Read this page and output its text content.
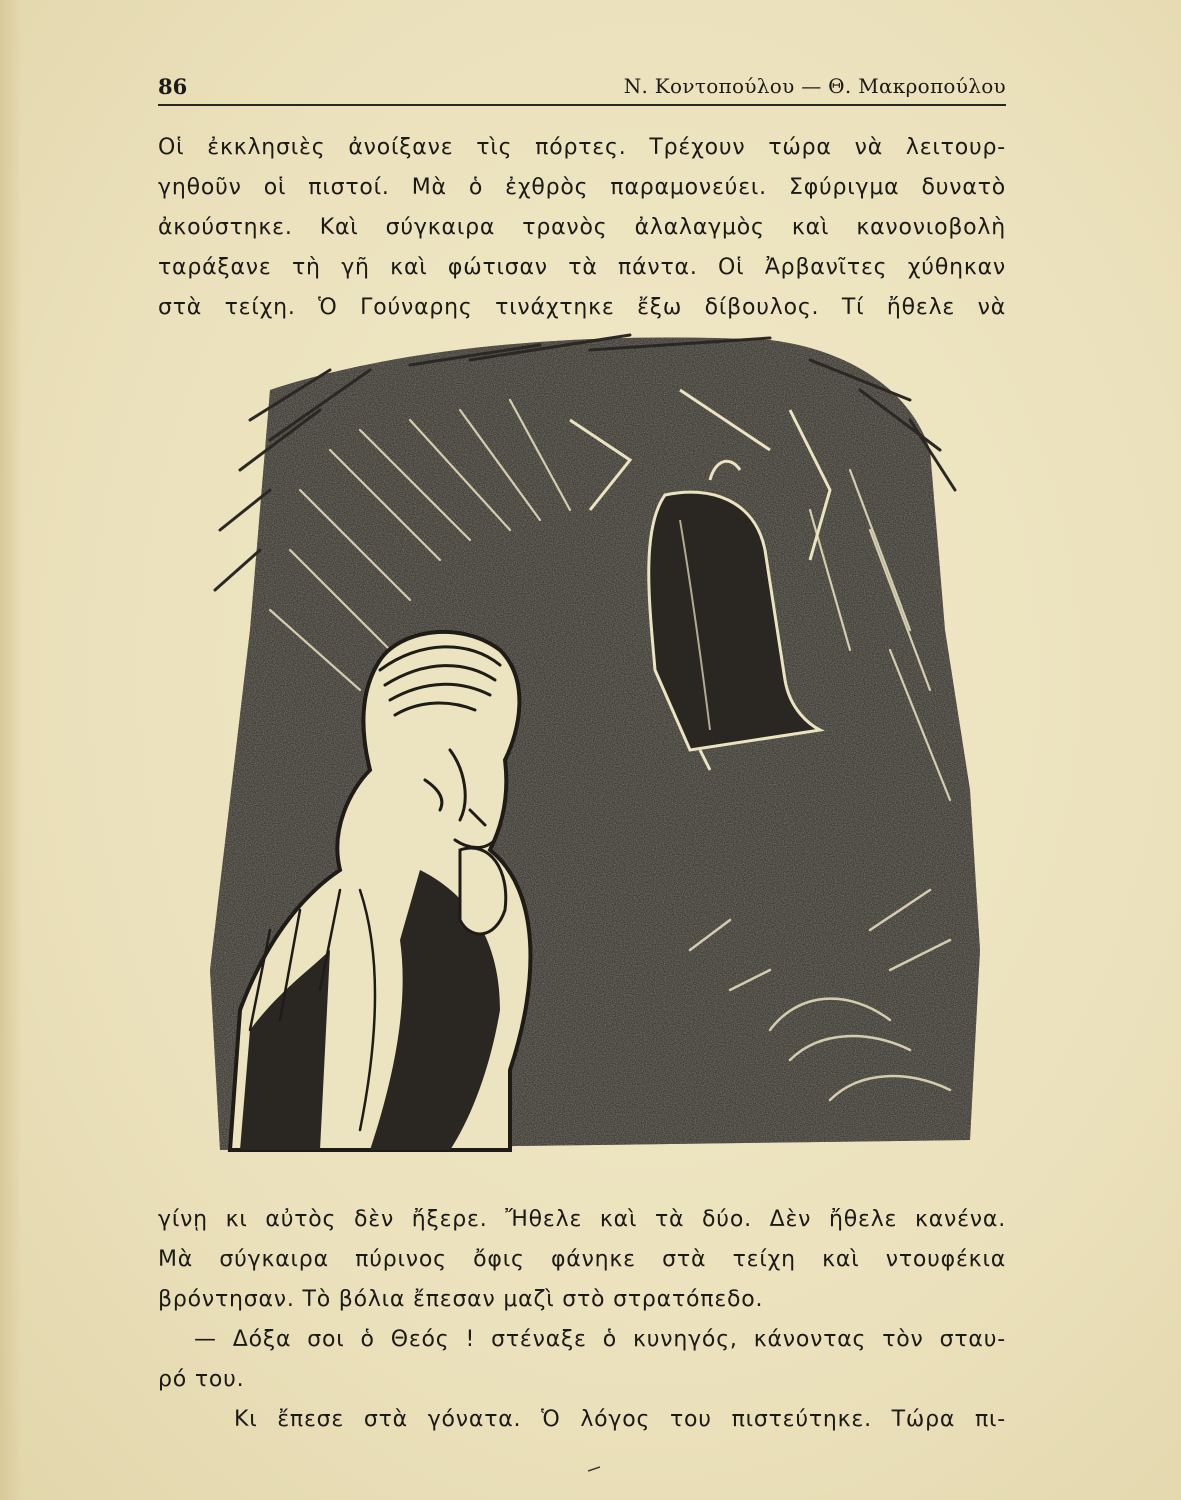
86	Ν. Κοντοπούλου — Θ. Μακροπούλου
Οἱ ἐκκλησιὲς ἀνοίξανε τὶς πόρτες. Τρέχουν τώρα νὰ λειτουρ-
γηθοῦν οἱ πιστοί. Μὰ ὁ ἐχθρὸς παραμονεύει. Σφύριγμα δυνατὸ
ἀκούστηκε. Καὶ σύγκαιρα τρανὸς ἀλαλαγμὸς καὶ κανονιοβολὴ
ταράξανε τὴ γῆ καὶ φώτισαν τὰ πάντα. Οἱ Ἀρβανῖτες χύθηκαν
στὰ τείχη. Ὁ Γούναρης τινάχτηκε ἔξω δίβουλος. Τί ἤθελε νὰ
γίνῃ κι αὐτὸς δὲν ἤξερε. Ἤθελε καὶ τὰ δύο. Δὲν ἤθελε κανένα.
Μὰ σύγκαιρα πύρινος ὄφις φάνηκε στὰ τείχη καὶ ντουφέκια
βρόντησαν. Τὸ βόλια ἔπεσαν μαζὶ στὸ στρατόπεδο.
— Δόξα σοι ὁ Θεός ! στέναξε ὁ κυνηγός, κάνοντας τὸν σταυ-
ρό του.
Κι ἔπεσε στὰ γόνατα. Ὁ λόγος του πιστεύτηκε. Τώρα πι-
